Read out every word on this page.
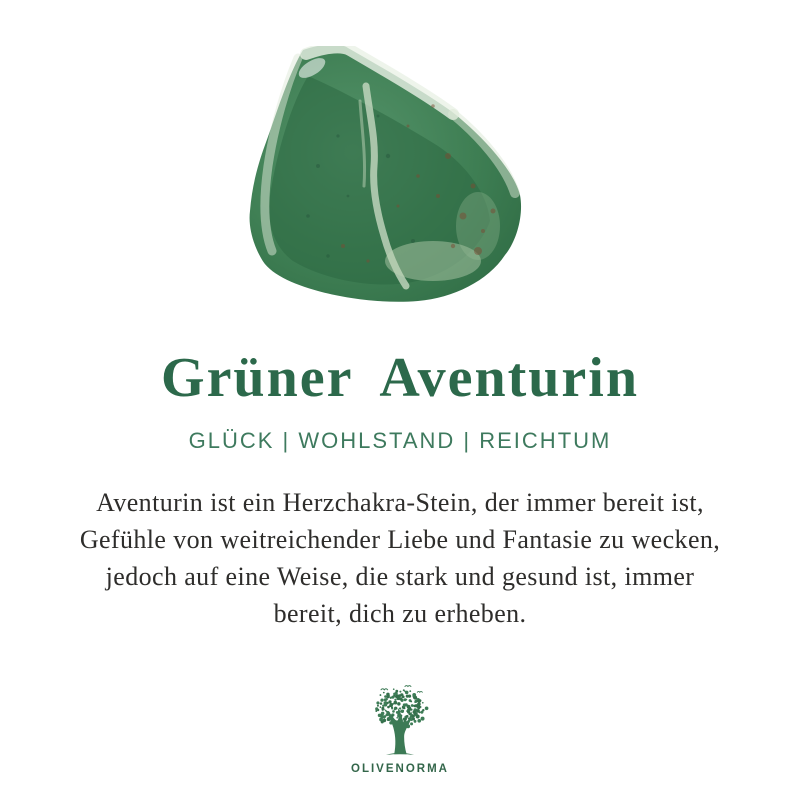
Grüner Aventurin
GLÜCK | WOHLSTAND | REICHTUM
Aventurin ist ein Herzchakra-Stein, der immer bereit ist,
Gefühle von weitreichender Liebe und Fantasie zu wecken,
jedoch auf eine Weise, die stark und gesund ist, immer
bereit, dich zu erheben.
OLIVENORMA
